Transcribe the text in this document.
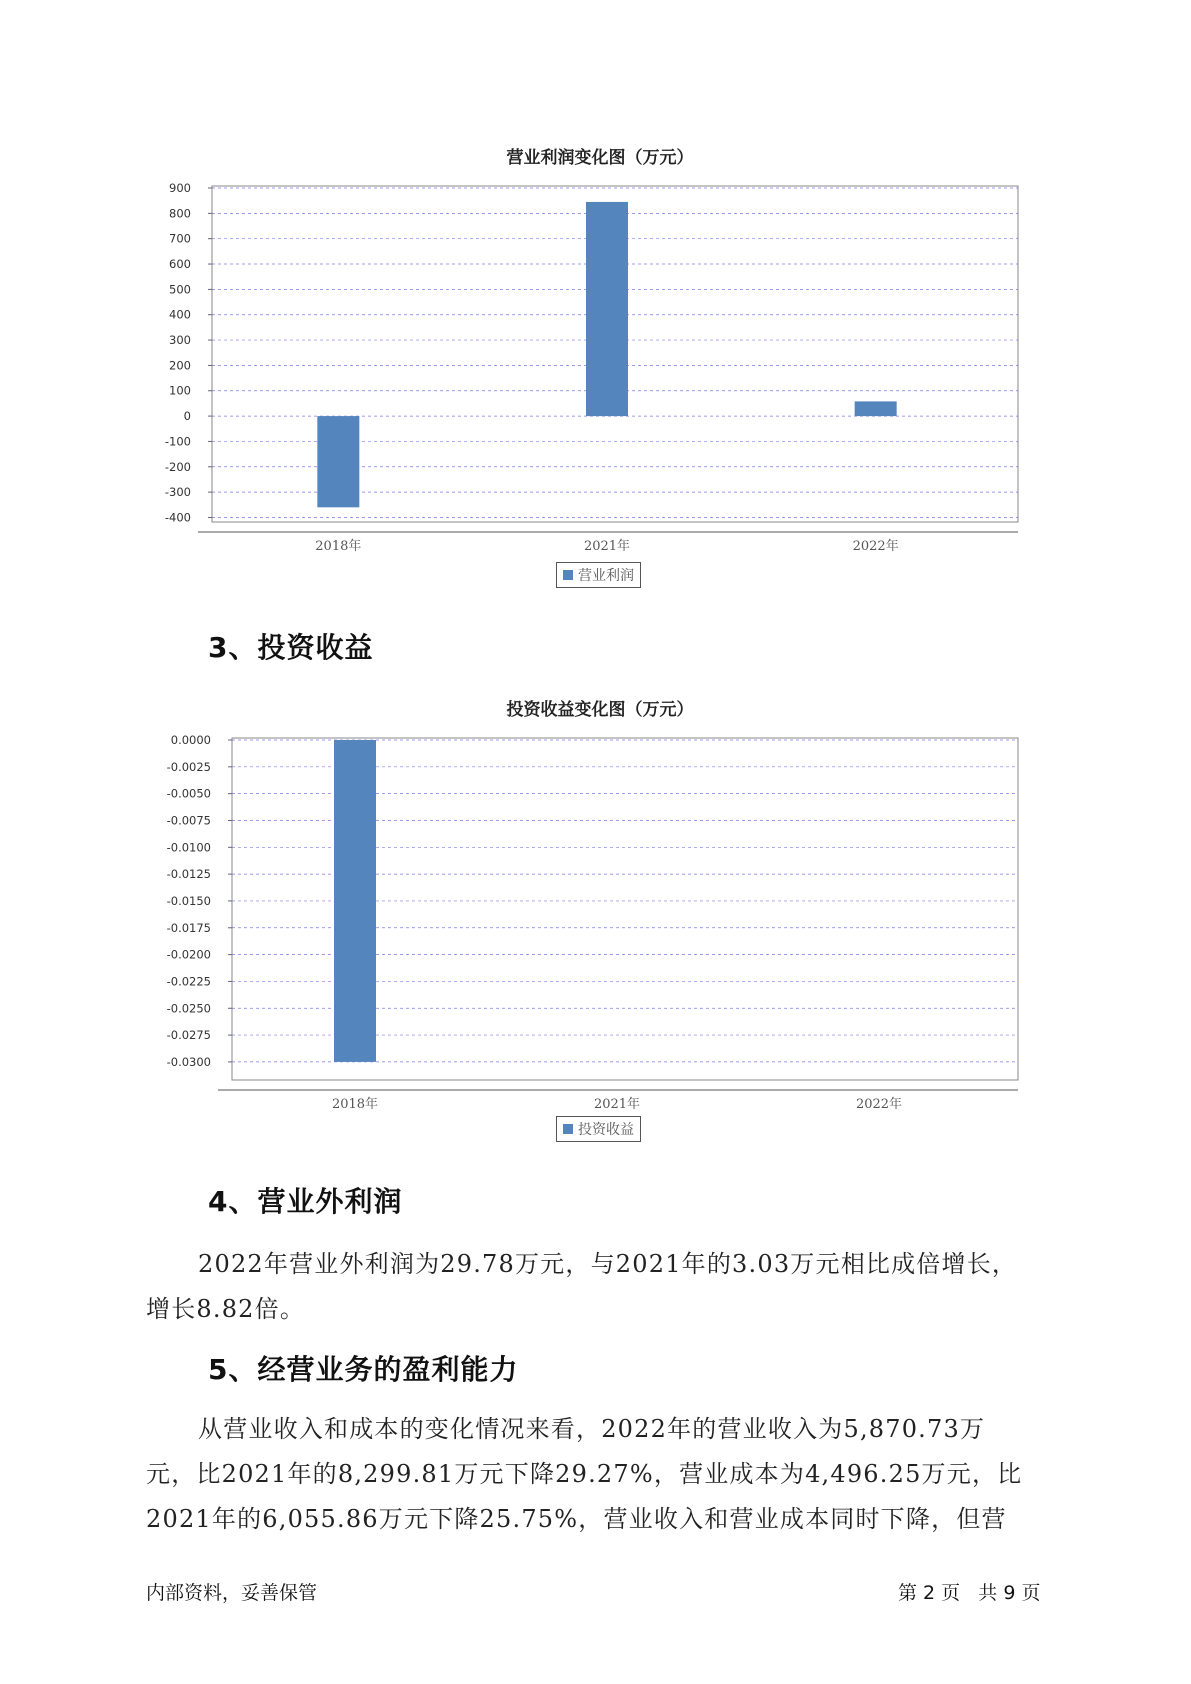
营业利润变化图（万元）
900
800
700
600
500
400
300
200
100
0
-100
-200
-300
-400
2018年	2021年	2022年
营业利润
3、投资收益
投资收益变化图（万元）
0.0000
-0.0025
-0.0050
-0.0075
-0.0100
-0.0125
-0.0150
-0.0175
-0.0200
-0.0225
-0.0250
-0.0275
-0.0300
2018年	2021年	2022年
投资收益
4、营业外利润
2022年营业外利润为29.78万元，与2021年的3.03万元相比成倍增长，
增长8.82倍。
5、经营业务的盈利能力
从营业收入和成本的变化情况来看，2022年的营业收入为5,870.73万
元，比2021年的8,299.81万元下降29.27%，营业成本为4,496.25万元，比
2021年的6,055.86万元下降25.75%，营业收入和营业成本同时下降，但营
内部资料，妥善保管	第 2 页   共 9 页
